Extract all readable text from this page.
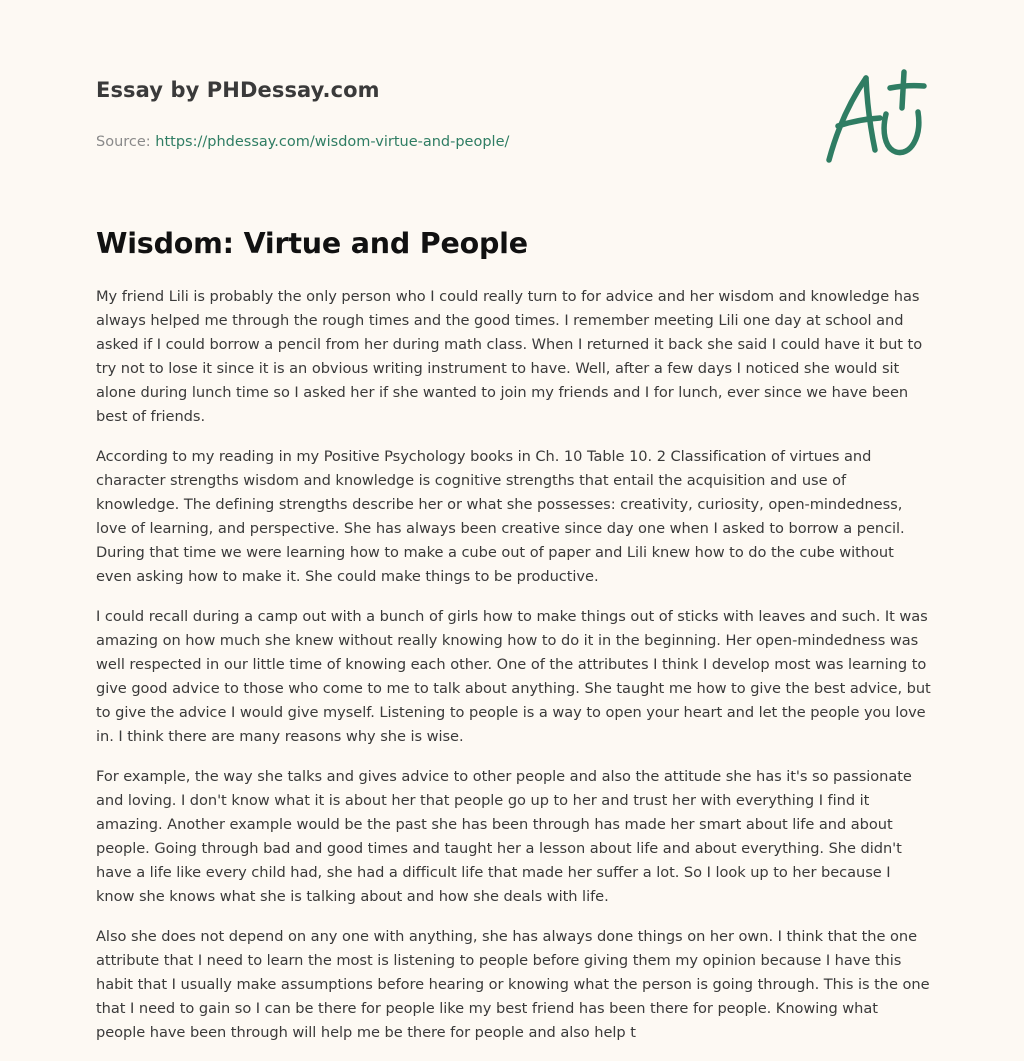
Essay by PHDessay.com
Source: https://phdessay.com/wisdom-virtue-and-people/
Wisdom: Virtue and People

My friend Lili is probably the only person who I could really turn to for advice and her wisdom and knowledge has always helped me through the rough times and the good times. I remember meeting Lili one day at school and asked if I could borrow a pencil from her during math class. When I returned it back she said I could have it but to try not to lose it since it is an obvious writing instrument to have. Well, after a few days I noticed she would sit alone during lunch time so I asked her if she wanted to join my friends and I for lunch, ever since we have been best of friends.

According to my reading in my Positive Psychology books in Ch. 10 Table 10. 2 Classification of virtues and character strengths wisdom and knowledge is cognitive strengths that entail the acquisition and use of knowledge. The defining strengths describe her or what she possesses: creativity, curiosity, open-mindedness, love of learning, and perspective. She has always been creative since day one when I asked to borrow a pencil. During that time we were learning how to make a cube out of paper and Lili knew how to do the cube without even asking how to make it. She could make things to be productive.

I could recall during a camp out with a bunch of girls how to make things out of sticks with leaves and such. It was amazing on how much she knew without really knowing how to do it in the beginning. Her open-mindedness was well respected in our little time of knowing each other. One of the attributes I think I develop most was learning to give good advice to those who come to me to talk about anything. She taught me how to give the best advice, but to give the advice I would give myself. Listening to people is a way to open your heart and let the people you love in. I think there are many reasons why she is wise.

For example, the way she talks and gives advice to other people and also the attitude she has it's so passionate and loving. I don't know what it is about her that people go up to her and trust her with everything I find it amazing. Another example would be the past she has been through has made her smart about life and about people. Going through bad and good times and taught her a lesson about life and about everything. She didn't have a life like every child had, she had a difficult life that made her suffer a lot. So I look up to her because I know she knows what she is talking about and how she deals with life.

Also she does not depend on any one with anything, she has always done things on her own. I think that the one attribute that I need to learn the most is listening to people before giving them my opinion because I have this habit that I usually make assumptions before hearing or knowing what the person is going through. This is the one that I need to gain so I can be there for people like my best friend has been there for people. Knowing what people have been through will help me be there for people and also help t
